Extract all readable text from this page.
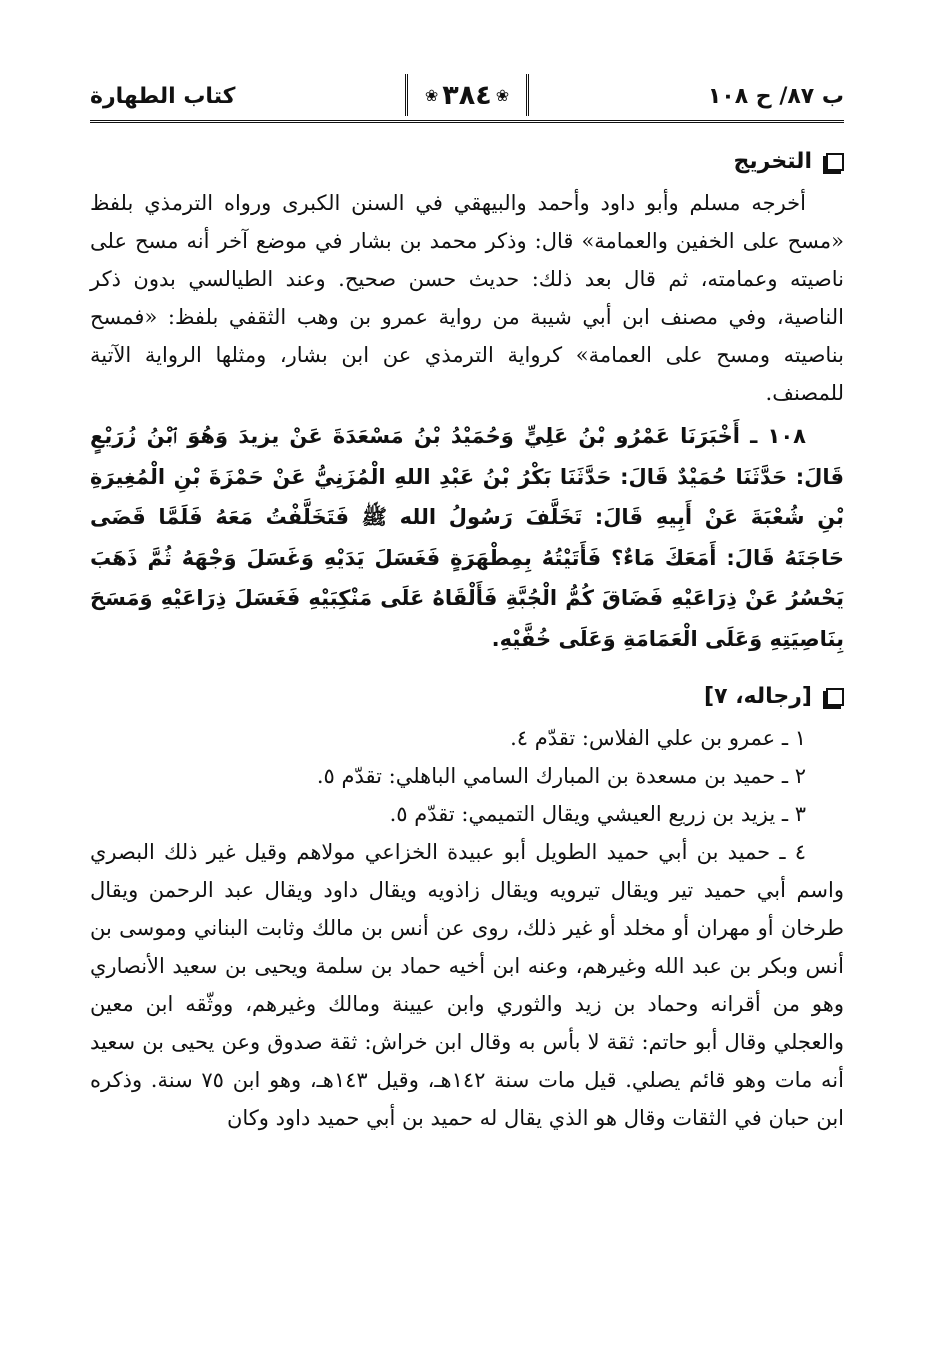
ب ٨٧/ ح ١٠٨
❀
٣٨٤
❀
كتاب الطهارة
التخريج

أخرجه مسلم وأبو داود وأحمد والبيهقي في السنن الكبرى ورواه الترمذي بلفظ «مسح على الخفين والعمامة» قال: وذكر محمد بن بشار في موضع آخر أنه مسح على ناصيته وعمامته، ثم قال بعد ذلك: حديث حسن صحيح. وعند الطيالسي بدون ذكر الناصية، وفي مصنف ابن أبي شيبة من رواية عمرو بن وهب الثقفي بلفظ: «فمسح بناصيته ومسح على العمامة» كرواية الترمذي عن ابن بشار، ومثلها الرواية الآتية للمصنف.

١٠٨ ـ أَخْبَرَنَا عَمْرُو بْنُ عَلِيٍّ وَحُمَيْدُ بْنُ مَسْعَدَةَ عَنْ يزيدَ وَهُوَ ٱبْنُ زُرَيْعٍ قَالَ: حَدَّثَنَا حُمَيْدٌ قَالَ: حَدَّثَنَا بَكْرُ بْنُ عَبْدِ اللهِ الْمُزَنِيُّ عَنْ حَمْزَةَ بْنِ الْمُغِيرَةِ بْنِ شُعْبَةَ عَنْ أَبِيهِ قَالَ: تَخَلَّفَ رَسُولُ الله ﷺ فَتَخَلَّفْتُ مَعَهُ فَلَمَّا قَضَى حَاجَتَهُ قَالَ: أَمَعَكَ مَاءٌ؟ فَأَتَيْتُهُ بِمِطْهَرَةٍ فَغَسَلَ يَدَيْهِ وَغَسَلَ وَجْهَهُ ثُمَّ ذَهَبَ يَحْسُرُ عَنْ ذِرَاعَيْهِ فَضَاقَ كُمُّ الْجُبَّةِ فَأَلْقَاهُ عَلَى مَنْكِبَيْهِ فَغَسَلَ ذِرَاعَيْهِ وَمَسَحَ بِنَاصِيَتِهِ وَعَلَى الْعَمَامَةِ وَعَلَى خُفَّيْهِ.

[رجاله، ٧]

١ ـ عمرو بن علي الفلاس: تقدّم ٤.

٢ ـ حميد بن مسعدة بن المبارك السامي الباهلي: تقدّم ٥.

٣ ـ يزيد بن زريع العيشي ويقال التميمي: تقدّم ٥.

٤ ـ حميد بن أبي حميد الطويل أبو عبيدة الخزاعي مولاهم وقيل غير ذلك البصري واسم أبي حميد تير ويقال تيرويه ويقال زاذويه ويقال داود ويقال عبد الرحمن ويقال طرخان أو مهران أو مخلد أو غير ذلك، روى عن أنس بن مالك وثابت البناني وموسى بن أنس وبكر بن عبد الله وغيرهم، وعنه ابن أخيه حماد بن سلمة ويحيى بن سعيد الأنصاري وهو من أقرانه وحماد بن زيد والثوري وابن عيينة ومالك وغيرهم، ووثّقه ابن معين والعجلي وقال أبو حاتم: ثقة لا بأس به وقال ابن خراش: ثقة صدوق وعن يحيى بن سعيد أنه مات وهو قائم يصلي. قيل مات سنة ١٤٢هـ، وقيل ١٤٣هـ، وهو ابن ٧٥ سنة. وذكره ابن حبان في الثقات وقال هو الذي يقال له حميد بن أبي حميد داود وكان
